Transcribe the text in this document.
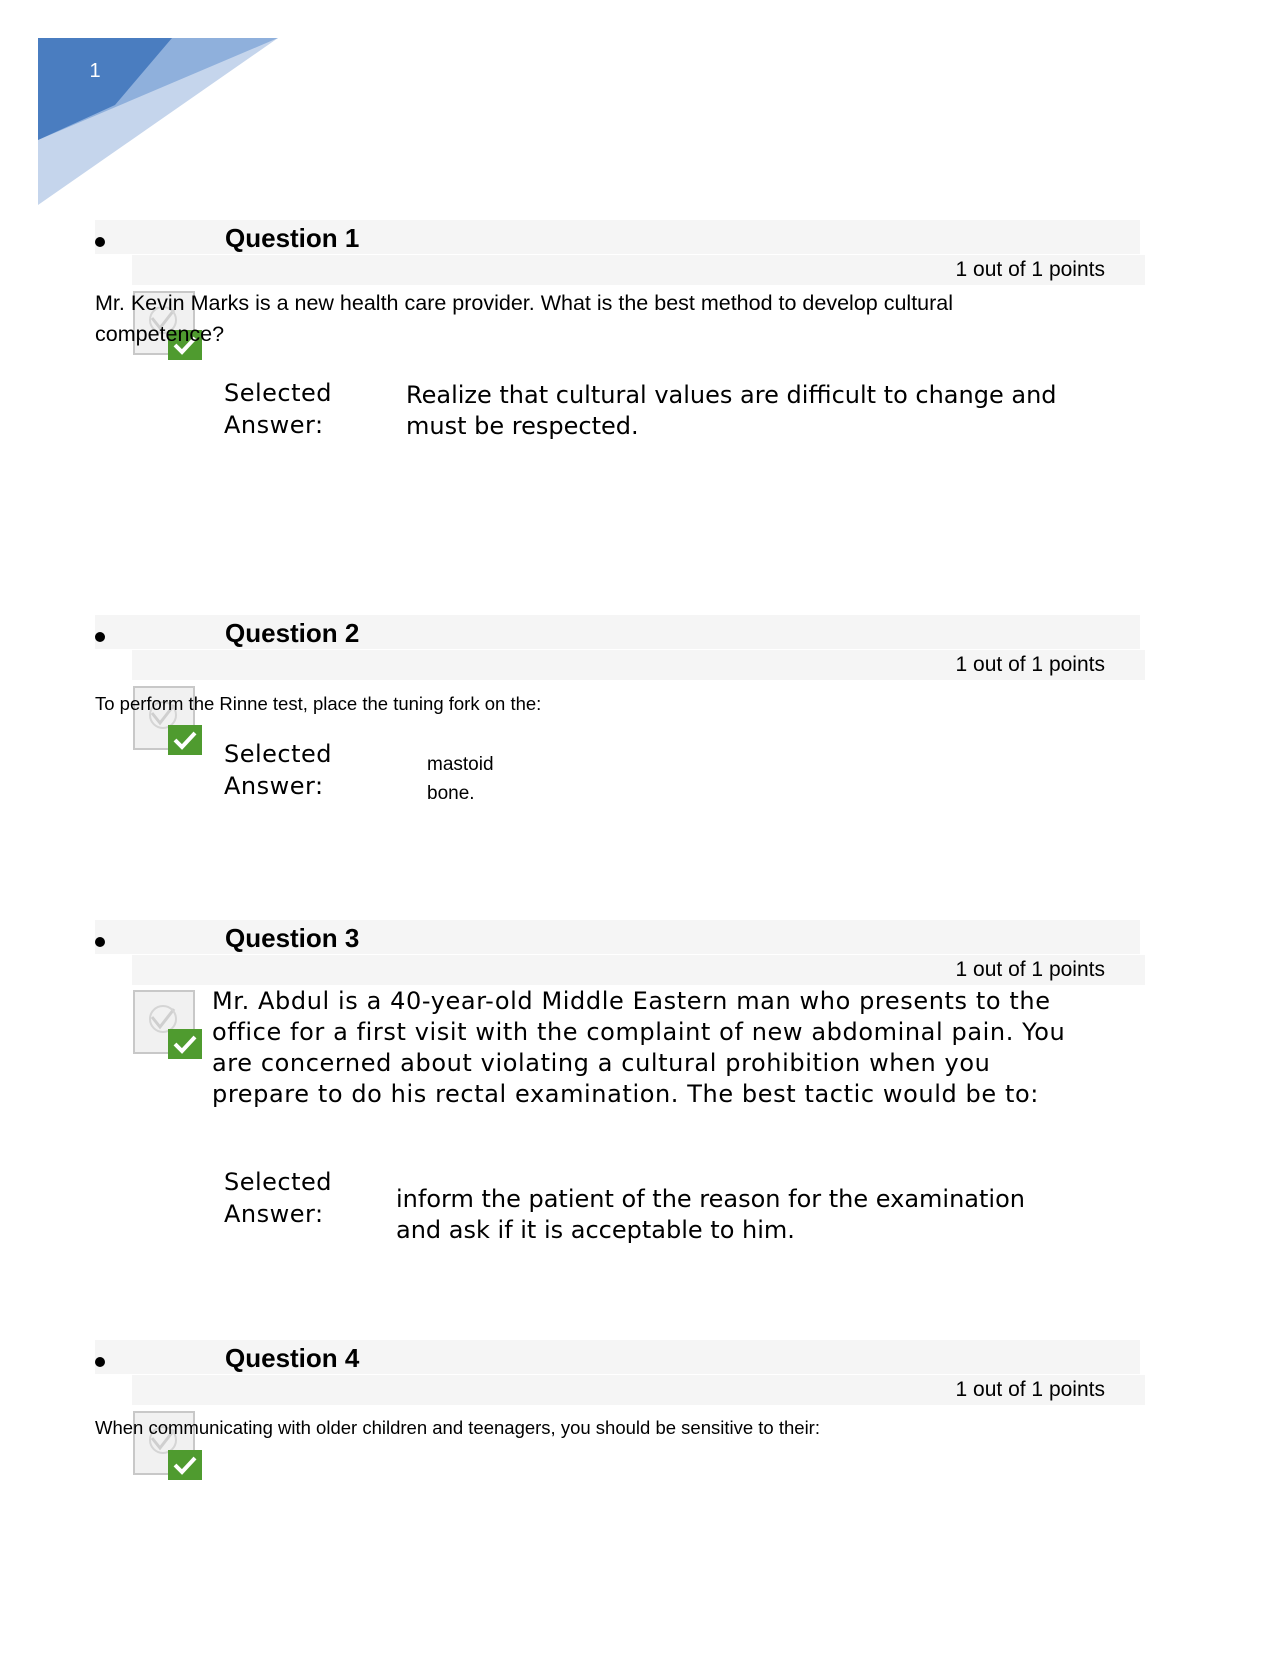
1
Question 1
1 out of 1 points
Mr. Kevin Marks is a new health care provider. What is the best method to develop cultural competence?
Selected Answer:
Realize that cultural values are difficult to change and must be respected.
Question 2
1 out of 1 points
To perform the Rinne test, place the tuning fork on the:
Selected Answer:
mastoid bone.
Question 3
1 out of 1 points
Mr. Abdul is a 40-year-old Middle Eastern man who presents to the office for a first visit with the complaint of new abdominal pain. You are concerned about violating a cultural prohibition when you prepare to do his rectal examination. The best tactic would be to:
Selected Answer:
inform the patient of the reason for the examination and ask if it is acceptable to him.
Question 4
1 out of 1 points
When communicating with older children and teenagers, you should be sensitive to their:
